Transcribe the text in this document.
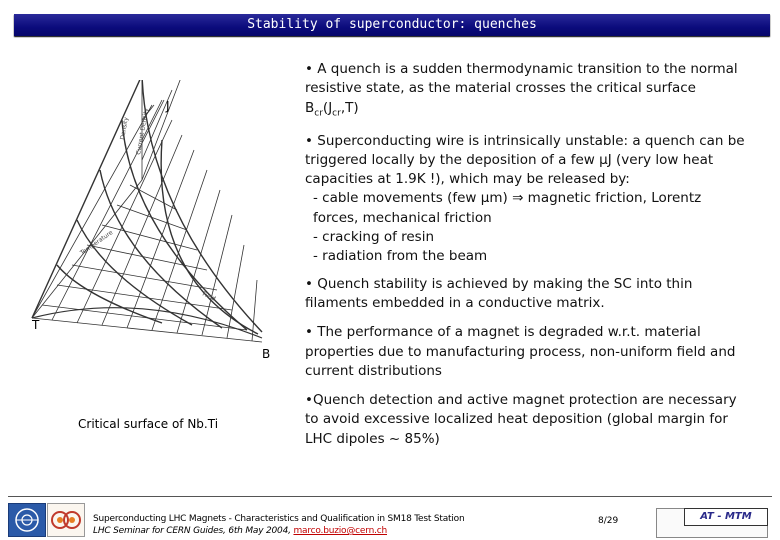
Stability of superconductor: quenches
Current Density
Density
Temperature
Field
J
T
B
Critical surface of Nb.Ti

• A quench is a sudden thermodynamic transition to the normal resistive state, as the material crosses the critical surface $B_{cr}(J_{cr},T)$

• Superconducting wire is intrinsically unstable: a quench can be triggered locally by the deposition of a few µJ (very low heat capacities at 1.9K !), which may be released by:

- cable movements (few µm) ⇒ magnetic friction, Lorentz forces, mechanical friction

- cracking of resin

- radiation from the beam

• Quench stability is achieved by making the SC into thin filaments embedded in a conductive matrix.

• The performance of a magnet is degraded w.r.t. material properties due to manufacturing process, non-uniform field and current distributions

•Quench detection and active magnet protection are necessary to avoid excessive localized heat deposition (global margin for LHC dipoles ~ 85%)

Superconducting LHC Magnets - Characteristics and Qualification in SM18 Test Station
LHC Seminar for CERN Guides, 6th May 2004, marco.buzio@cern.ch
8/29	AT - MTM
